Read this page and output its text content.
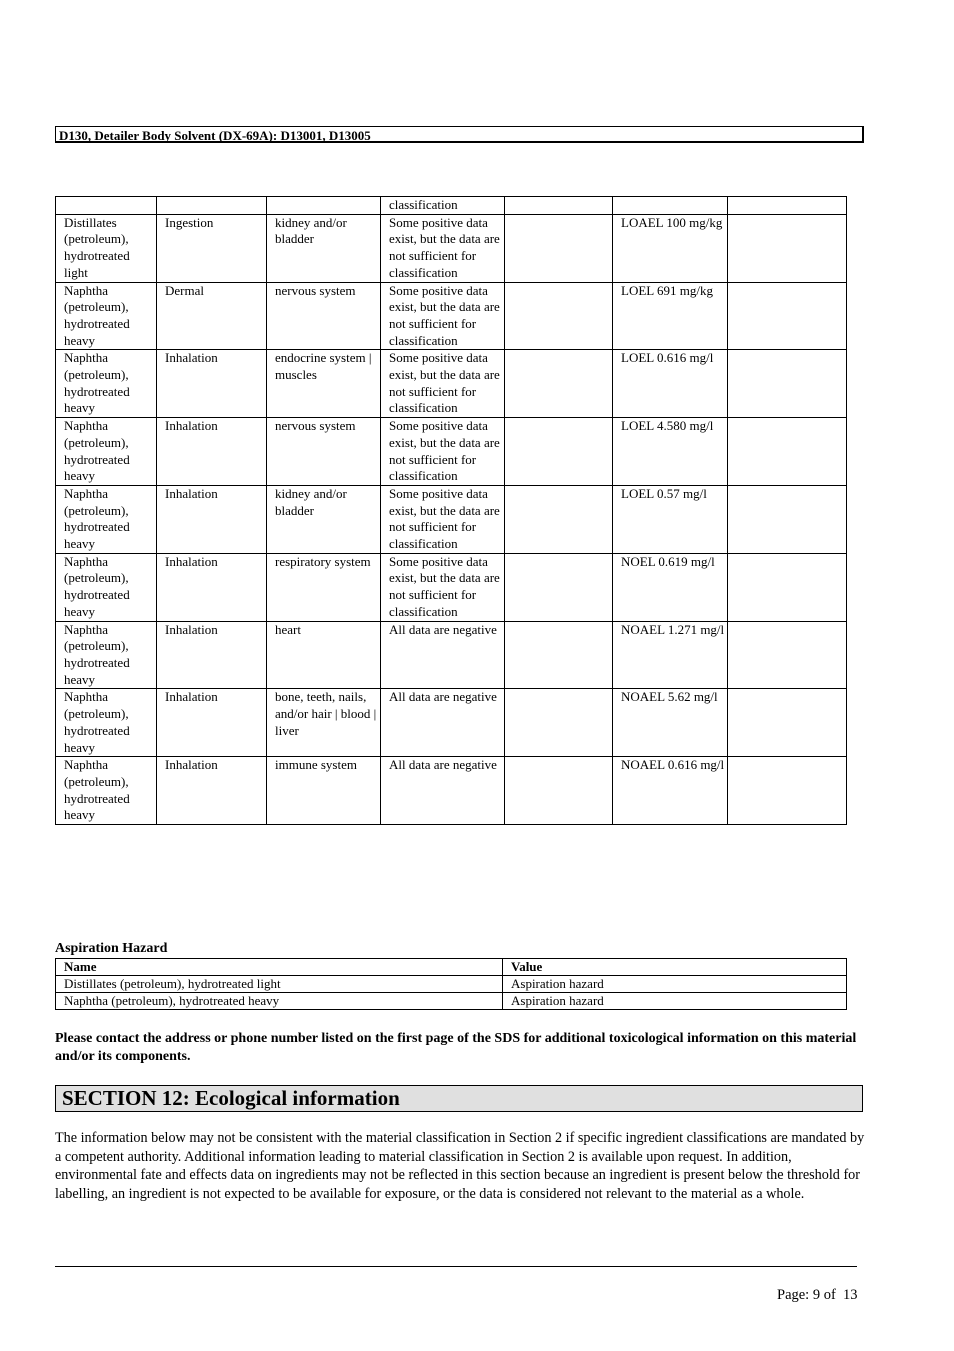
D130, Detailer Body Solvent (DX-69A): D13001, D13005
			classification			
Distillates (petroleum), hydrotreated light	Ingestion	kidney and/or bladder	Some positive data exist, but the data are not sufficient for classification		LOAEL 100 mg/kg	
Naphtha (petroleum), hydrotreated heavy	Dermal	nervous system	Some positive data exist, but the data are not sufficient for classification		LOEL 691 mg/kg	
Naphtha (petroleum), hydrotreated heavy	Inhalation	endocrine system | muscles	Some positive data exist, but the data are not sufficient for classification		LOEL 0.616 mg/l	
Naphtha (petroleum), hydrotreated heavy	Inhalation	nervous system	Some positive data exist, but the data are not sufficient for classification		LOEL 4.580 mg/l	
Naphtha (petroleum), hydrotreated heavy	Inhalation	kidney and/or bladder	Some positive data exist, but the data are not sufficient for classification		LOEL 0.57 mg/l	
Naphtha (petroleum), hydrotreated heavy	Inhalation	respiratory system	Some positive data exist, but the data are not sufficient for classification		NOEL 0.619 mg/l	
Naphtha (petroleum), hydrotreated heavy	Inhalation	heart	All data are negative		NOAEL 1.271 mg/l	
Naphtha (petroleum), hydrotreated heavy	Inhalation	bone, teeth, nails, and/or hair | blood | liver	All data are negative		NOAEL 5.62 mg/l	
Naphtha (petroleum), hydrotreated heavy	Inhalation	immune system	All data are negative		NOAEL 0.616 mg/l	
Aspiration Hazard
Name	Value
Distillates (petroleum), hydrotreated light	Aspiration hazard
Naphtha (petroleum), hydrotreated heavy	Aspiration hazard
Please contact the address or phone number listed on the first page of the SDS for additional toxicological information on this material and/or its components.
SECTION 12: Ecological information
The information below may not be consistent with the material classification in Section 2 if specific ingredient classifications are mandated by a competent authority. Additional information leading to material classification in Section 2 is available upon request. In addition, environmental fate and effects data on ingredients may not be reflected in this section because an ingredient is present below the threshold for labelling, an ingredient is not expected to be available for exposure, or the data is considered not relevant to the material as a whole.
Page: 9 of  13
